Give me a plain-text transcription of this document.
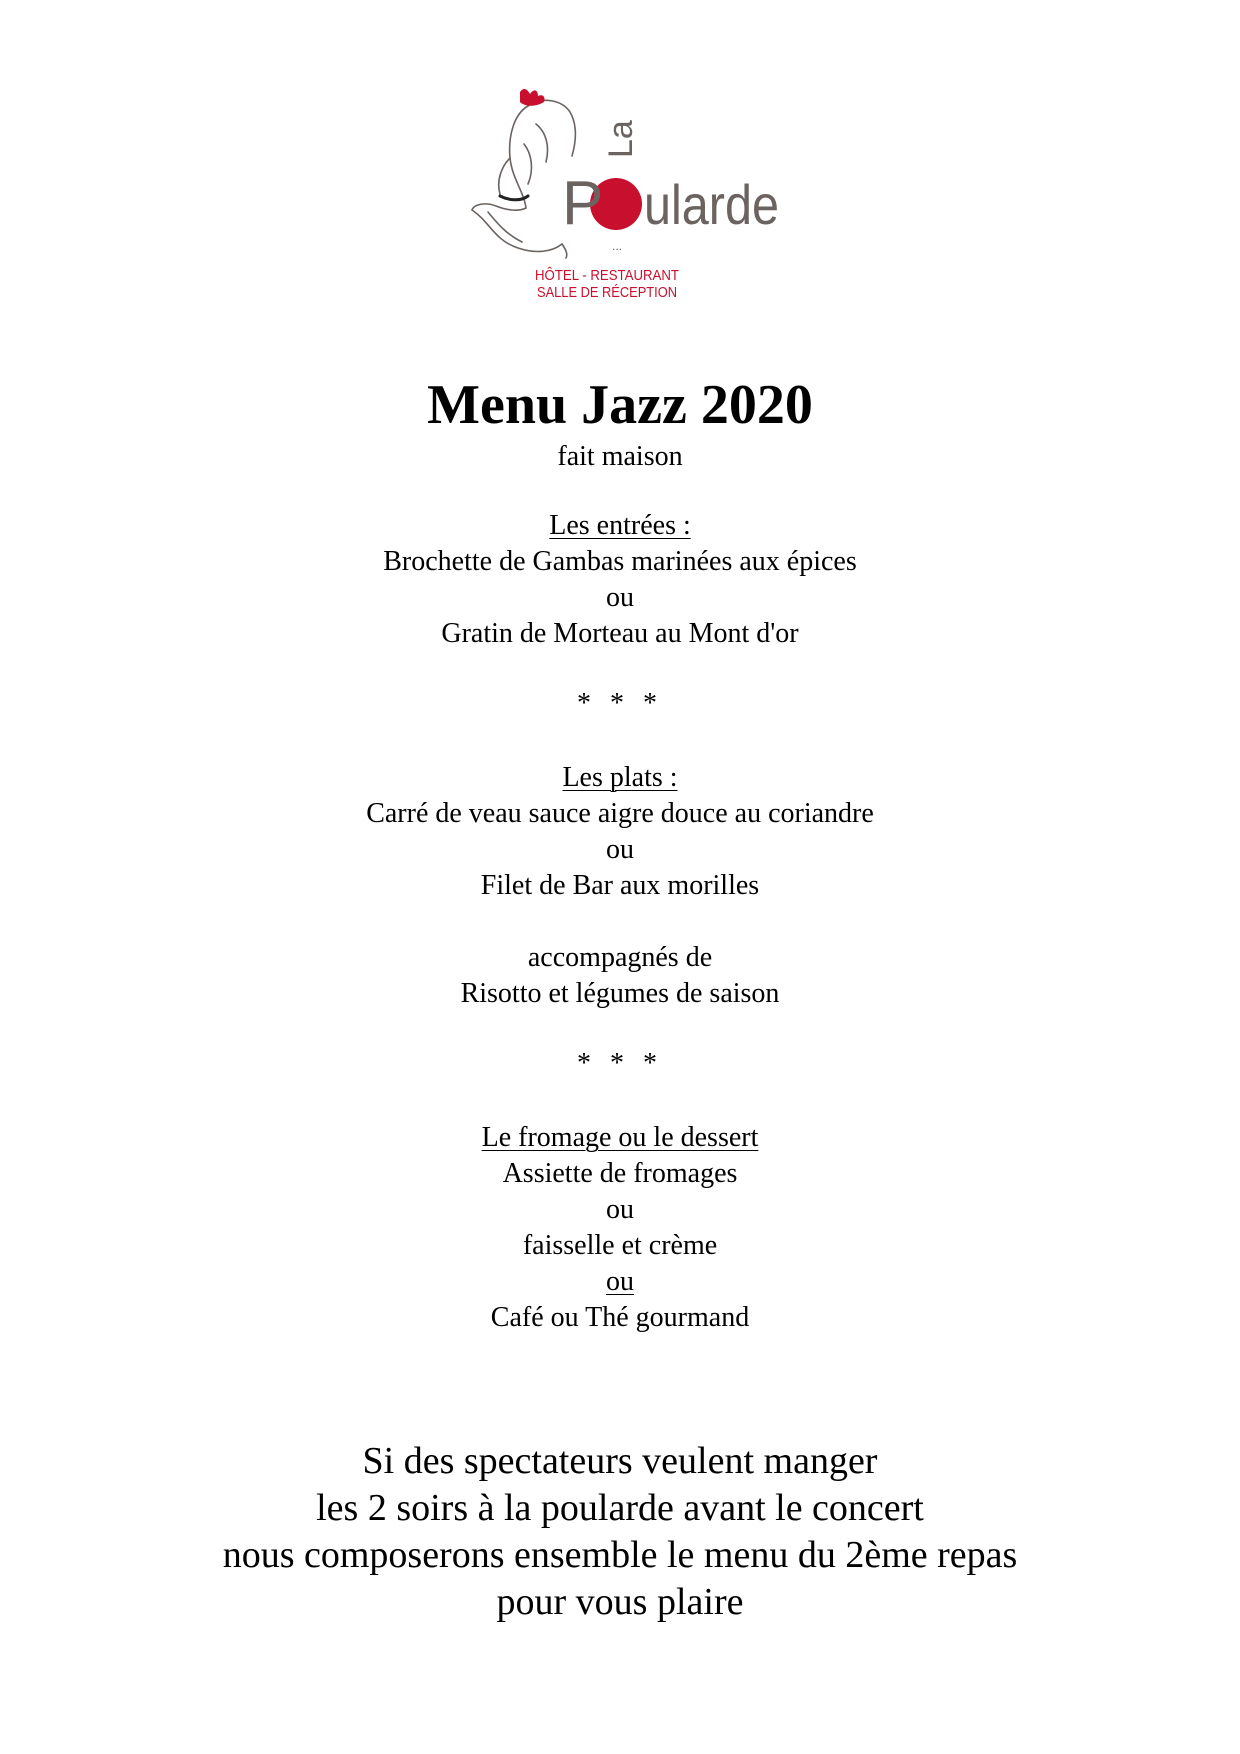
La
P ularde
...
HÔTEL - RESTAURANT
SALLE DE RÉCEPTION
Menu Jazz 2020
fait maison
Les entrées :
Brochette de Gambas marinées aux épices
ou
Gratin de Morteau au Mont d'or
* * *
Les plats :
Carré de veau sauce aigre douce au coriandre
ou
Filet de Bar aux morilles
accompagnés de
Risotto et légumes de saison
* * *
Le fromage ou le dessert
Assiette de fromages
ou
faisselle et crème
ou
Café ou Thé gourmand
Si des spectateurs veulent manger
les 2 soirs à la poularde avant le concert
nous composerons ensemble le menu du 2ème repas
pour vous plaire
